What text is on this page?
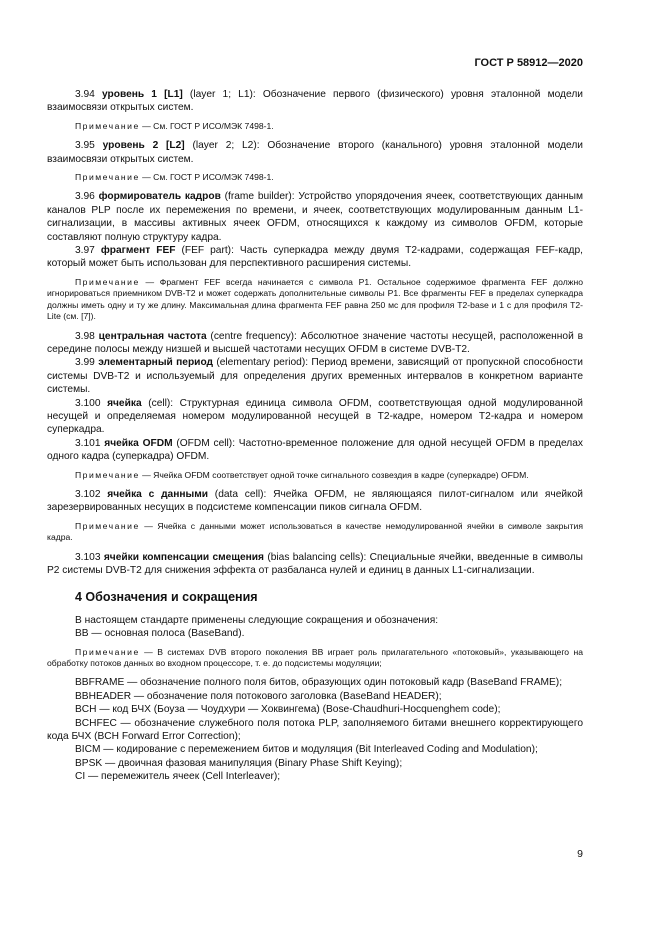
ГОСТ Р 58912—2020

3.94 уровень 1 [L1] (layer 1; L1): Обозначение первого (физического) уровня эталонной модели взаимосвязи открытых систем.

Примечание — См. ГОСТ Р ИСО/МЭК 7498-1.

3.95 уровень 2 [L2] (layer 2; L2): Обозначение второго (канального) уровня эталонной модели взаимосвязи открытых систем.

Примечание — См. ГОСТ Р ИСО/МЭК 7498-1.

3.96 формирователь кадров (frame builder): Устройство упорядочения ячеек, соответствующих данным каналов PLP после их перемежения по времени, и ячеек, соответствующих модулированным данным L1-сигнализации, в массивы активных ячеек OFDM, относящихся к каждому из символов OFDM, которые составляют полную структуру кадра.

3.97 фрагмент FEF (FEF part): Часть суперкадра между двумя T2-кадрами, содержащая FEF-кадр, который может быть использован для перспективного расширения системы.

Примечание — Фрагмент FEF всегда начинается с символа P1. Остальное содержимое фрагмента FEF должно игнорироваться приемником DVB-T2 и может содержать дополнительные символы P1. Все фрагменты FEF в пределах суперкадра должны иметь одну и ту же длину. Максимальная длина фрагмента FEF равна 250 мс для профиля T2-base и 1 с для профиля T2-Lite (см. [7]).

3.98 центральная частота (centre frequency): Абсолютное значение частоты несущей, расположенной в середине полосы между низшей и высшей частотами несущих OFDM в системе DVB-T2.

3.99 элементарный период (elementary period): Период времени, зависящий от пропускной способности системы DVB-T2 и используемый для определения других временных интервалов в конкретном варианте системы.

3.100 ячейка (cell): Структурная единица символа OFDM, соответствующая одной модулированной несущей и определяемая номером модулированной несущей в T2-кадре, номером T2-кадра и номером суперкадра.

3.101 ячейка OFDM (OFDM cell): Частотно-временное положение для одной несущей OFDM в пределах одного кадра (суперкадра) OFDM.

Примечание — Ячейка OFDM соответствует одной точке сигнального созвездия в кадре (суперкадре) OFDM.

3.102 ячейка с данными (data cell): Ячейка OFDM, не являющаяся пилот-сигналом или ячейкой зарезервированных несущих в подсистеме компенсации пиков сигнала OFDM.

Примечание — Ячейка с данными может использоваться в качестве немодулированной ячейки в символе закрытия кадра.

3.103 ячейки компенсации смещения (bias balancing cells): Специальные ячейки, введенные в символы P2 системы DVB-T2 для снижения эффекта от разбаланса нулей и единиц в данных L1-сигнализации.

4 Обозначения и сокращения

В настоящем стандарте применены следующие сокращения и обозначения:

BB — основная полоса (BaseBand).

Примечание — В системах DVB второго поколения BB играет роль прилагательного «потоковый», указывающего на обработку потоков данных во входном процессоре, т. е. до подсистемы модуляции;

BBFRAME — обозначение полного поля битов, образующих один потоковый кадр (BaseBand FRAME);

BBHEADER — обозначение поля потокового заголовка (BaseBand HEADER);

BCH — код БЧХ (Боуза — Чоудхури — Хоквингема) (Bose-Chaudhuri-Hocquenghem code);

BCHFEC — обозначение служебного поля потока PLP, заполняемого битами внешнего корректирующего кода БЧХ (BCH Forward Error Correction);

BICM — кодирование с перемежением битов и модуляция (Bit Interleaved Coding and Modulation);

BPSK — двоичная фазовая манипуляция (Binary Phase Shift Keying);

CI — перемежитель ячеек (Cell Interleaver);

9
